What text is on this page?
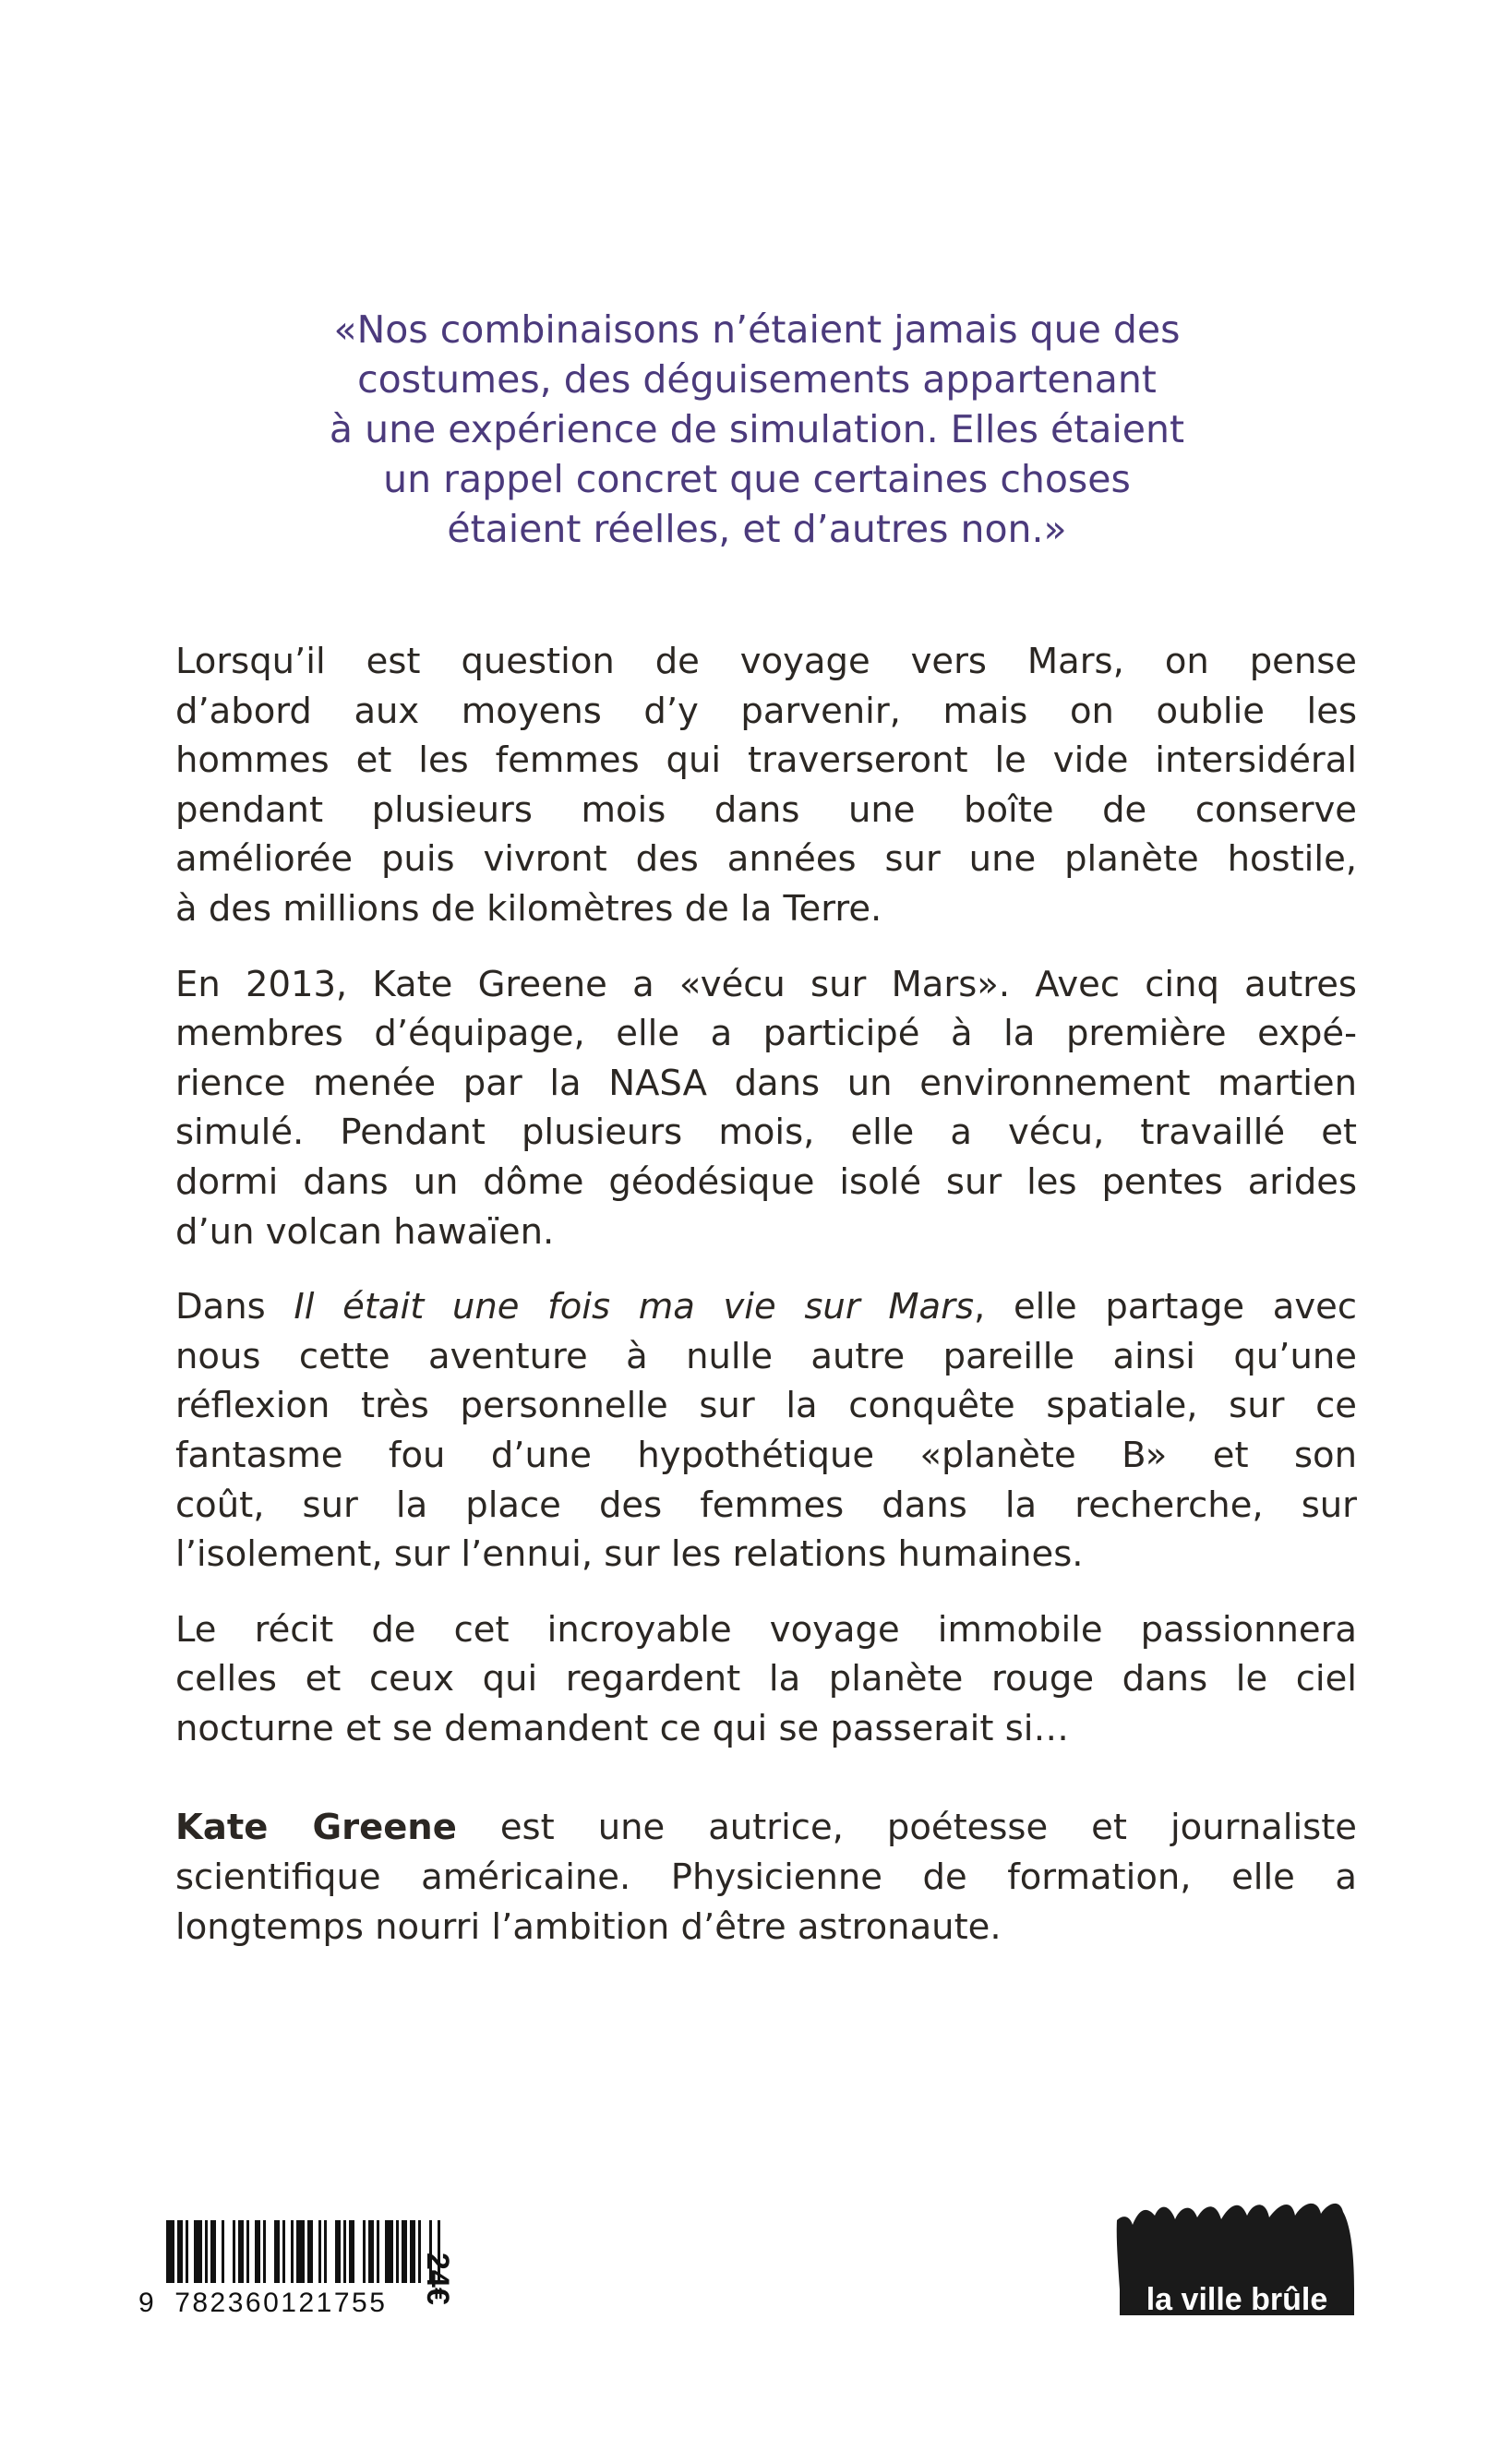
«Nos combinaisons n’étaient jamais que des
costumes, des déguisements appartenant
à une expérience de simulation. Elles étaient
un rappel concret que certaines choses
étaient réelles, et d’autres non.»
Lorsqu’il est question de voyage vers Mars, on pense
d’abord aux moyens d’y parvenir, mais on oublie les
hommes et les femmes qui traverseront le vide intersidéral
pendant plusieurs mois dans une boîte de conserve
améliorée puis vivront des années sur une planète hostile,
à des millions de kilomètres de la Terre.
En 2013, Kate Greene a «vécu sur Mars». Avec cinq autres
membres d’équipage, elle a participé à la première expé-
rience menée par la NASA dans un environnement martien
simulé. Pendant plusieurs mois, elle a vécu, travaillé et
dormi dans un dôme géodésique isolé sur les pentes arides
d’un volcan hawaïen.
Dans Il était une fois ma vie sur Mars, elle partage avec
nous cette aventure à nulle autre pareille ainsi qu’une
réflexion très personnelle sur la conquête spatiale, sur ce
fantasme fou d’une hypothétique «planète B» et son
coût, sur la place des femmes dans la recherche, sur
l’isolement, sur l’ennui, sur les relations humaines.
Le récit de cet incroyable voyage immobile passionnera
celles et ceux qui regardent la planète rouge dans le ciel
nocturne et se demandent ce qui se passerait si…
Kate Greene est une autrice, poétesse et journaliste
scientifique américaine. Physicienne de formation, elle a
longtemps nourri l’ambition d’être astronaute.
9 782360121755	24€	la ville brûle
